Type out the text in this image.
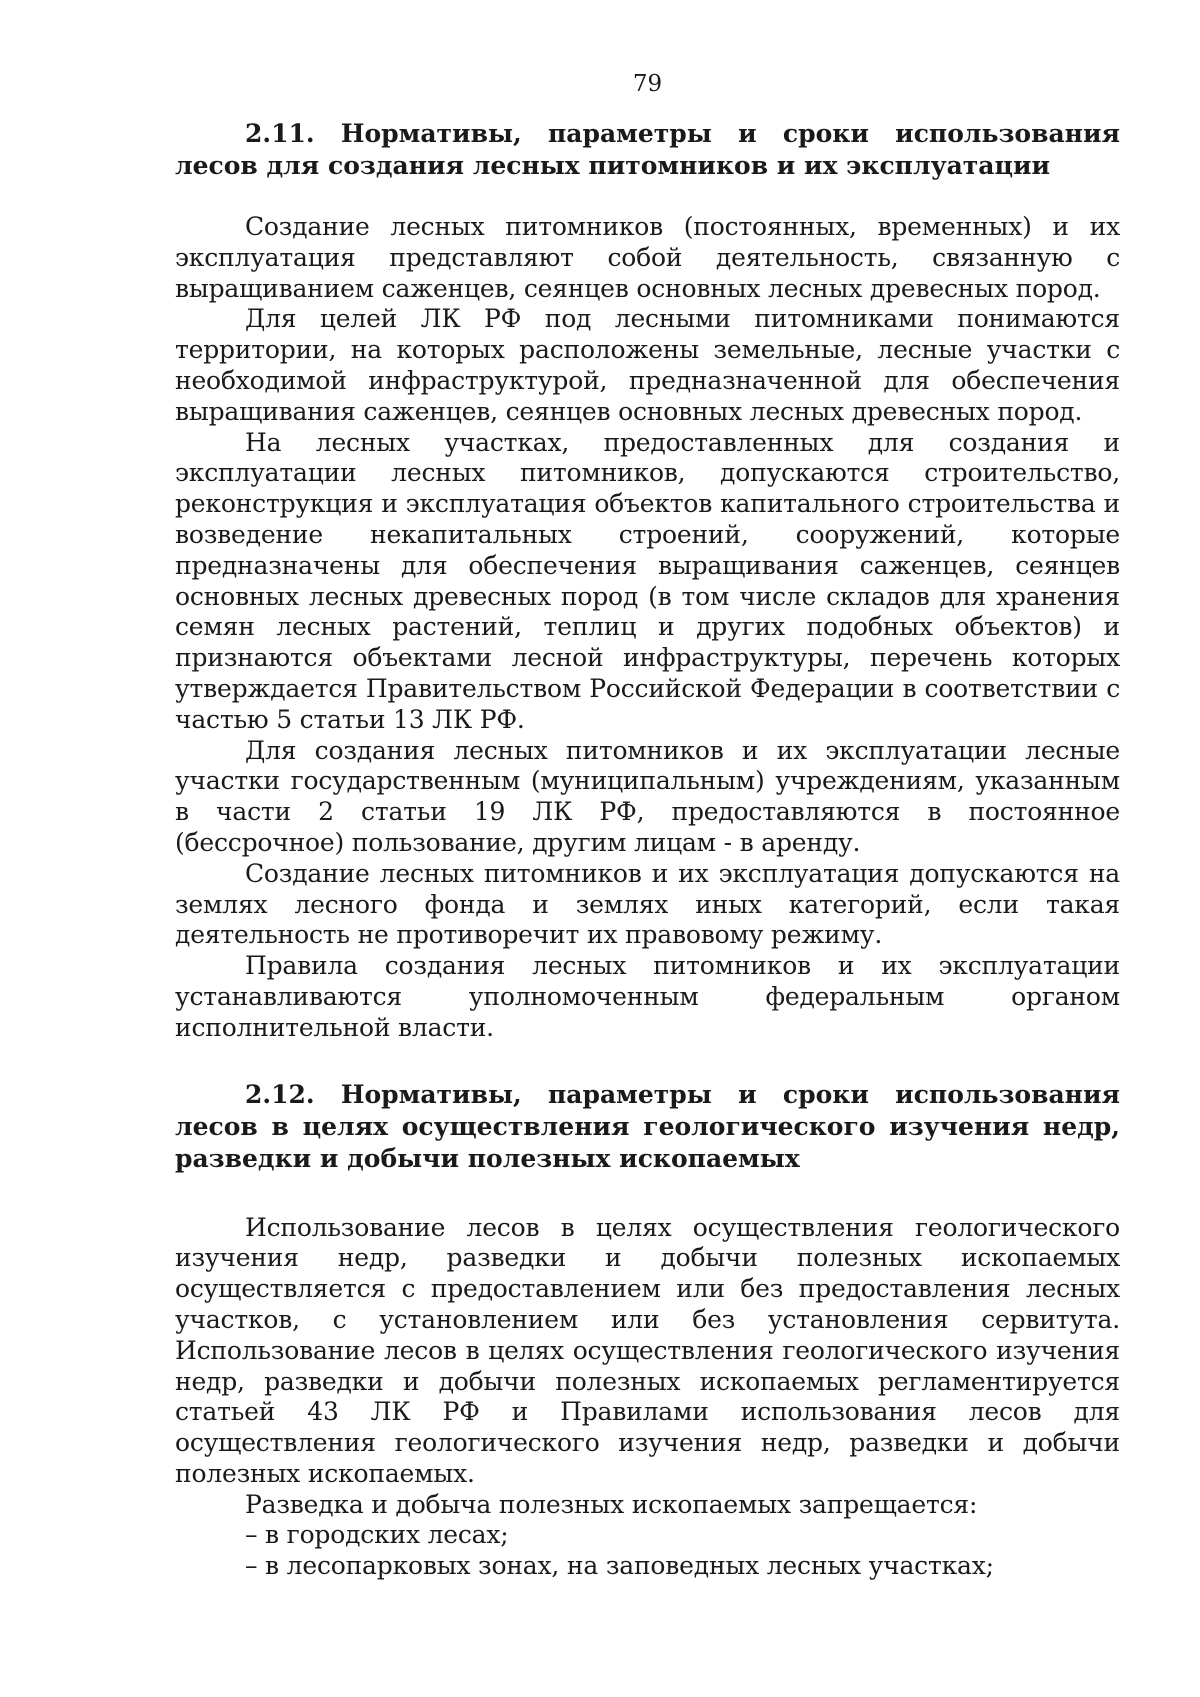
79

2.11. Нормативы, параметры и сроки использования лесов для создания лесных питомников и их эксплуатации

Создание лесных питомников (постоянных, временных) и их эксплуатация представляют собой деятельность, связанную с выращиванием саженцев, сеянцев основных лесных древесных пород.

Для целей ЛК РФ под лесными питомниками понимаются территории, на которых расположены земельные, лесные участки с необходимой инфраструктурой, предназначенной для обеспечения выращивания саженцев, сеянцев основных лесных древесных пород.

На лесных участках, предоставленных для создания и эксплуатации лесных питомников, допускаются строительство, реконструкция и эксплуатация объектов капитального строительства и возведение некапитальных строений, сооружений, которые предназначены для обеспечения выращивания саженцев, сеянцев основных лесных древесных пород (в том числе складов для хранения семян лесных растений, теплиц и других подобных объектов) и признаются объектами лесной инфраструктуры, перечень которых утверждается Правительством Российской Федерации в соответствии с частью 5 статьи 13 ЛК РФ.

Для создания лесных питомников и их эксплуатации лесные участки государственным (муниципальным) учреждениям, указанным в части 2 статьи 19 ЛК РФ, предоставляются в постоянное (бессрочное) пользование, другим лицам - в аренду.

Создание лесных питомников и их эксплуатация допускаются на землях лесного фонда и землях иных категорий, если такая деятельность не противоречит их правовому режиму.

Правила создания лесных питомников и их эксплуатации устанавливаются уполномоченным федеральным органом исполнительной власти.

2.12. Нормативы, параметры и сроки использования лесов в целях осуществления геологического изучения недр, разведки и добычи полезных ископаемых

Использование лесов в целях осуществления геологического изучения недр, разведки и добычи полезных ископаемых осуществляется с предоставлением или без предоставления лесных участков, с установлением или без установления сервитута. Использование лесов в целях осуществления геологического изучения недр, разведки и добычи полезных ископаемых регламентируется статьей 43 ЛК РФ и Правилами использования лесов для осуществления геологического изучения недр, разведки и добычи полезных ископаемых.

Разведка и добыча полезных ископаемых запрещается:

– в городских лесах;

– в лесопарковых зонах, на заповедных лесных участках;
